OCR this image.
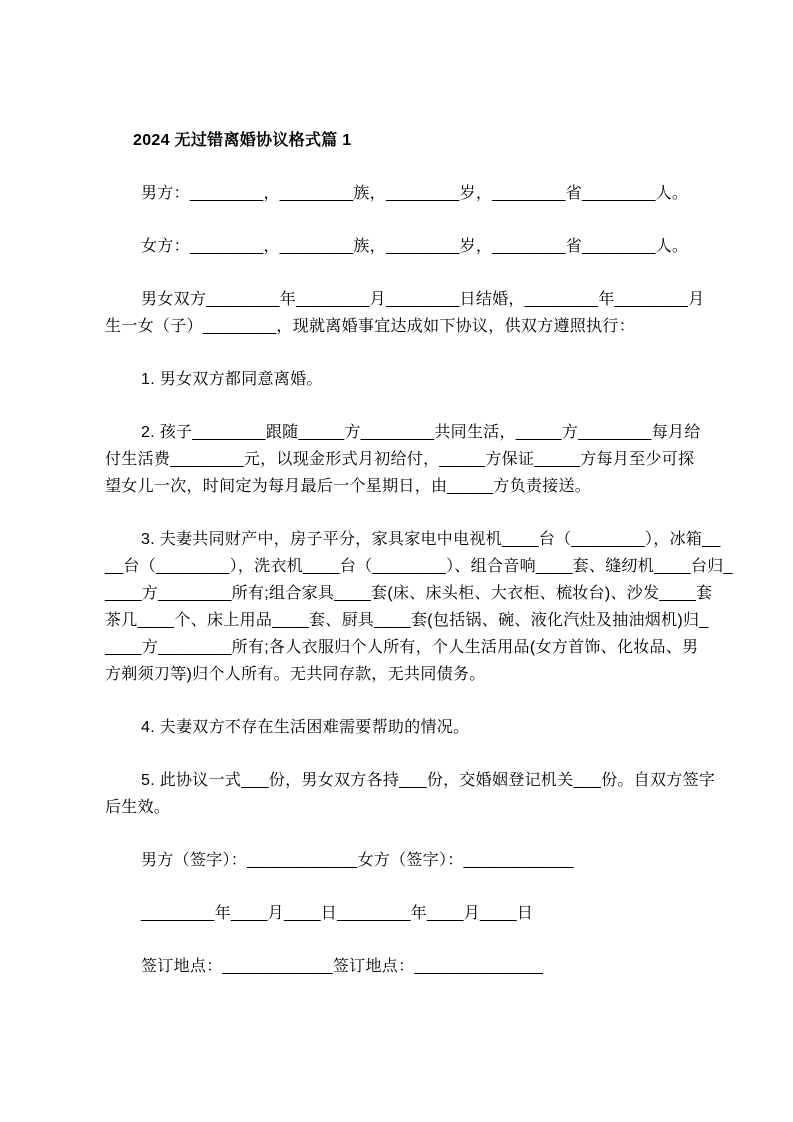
2024 无过错离婚协议格式篇 1
男方：________，________族，________岁，________省________人。
女方：________，________族，________岁，________省________人。
男女双方________年________月________日结婚，________年________月
生一女（子）________，现就离婚事宜达成如下协议，供双方遵照执行：
1. 男女双方都同意离婚。
2. 孩子________跟随_____方________共同生活，_____方________每月给
付生活费________元，以现金形式月初给付，_____方保证_____方每月至少可探
望女儿一次，时间定为每月最后一个星期日，由_____方负责接送。
3. 夫妻共同财产中，房子平分，家具家电中电视机____台（________），冰箱__
__台（________），洗衣机____台（________）、组合音响____套、缝纫机____台归_
____方________所有;组合家具____套(床、床头柜、大衣柜、梳妆台)、沙发____套
茶几____个、床上用品____套、厨具____套(包括锅、碗、液化汽灶及抽油烟机)归_
____方________所有;各人衣服归个人所有，个人生活用品(女方首饰、化妆品、男
方剃须刀等)归个人所有。无共同存款，无共同债务。
4. 夫妻双方不存在生活困难需要帮助的情况。
5. 此协议一式___份，男女双方各持___份，交婚姻登记机关___份。自双方签字
后生效。
男方（签字）：____________女方（签字）：____________
________年____月____日________年____月____日
签订地点：____________签订地点：______________
